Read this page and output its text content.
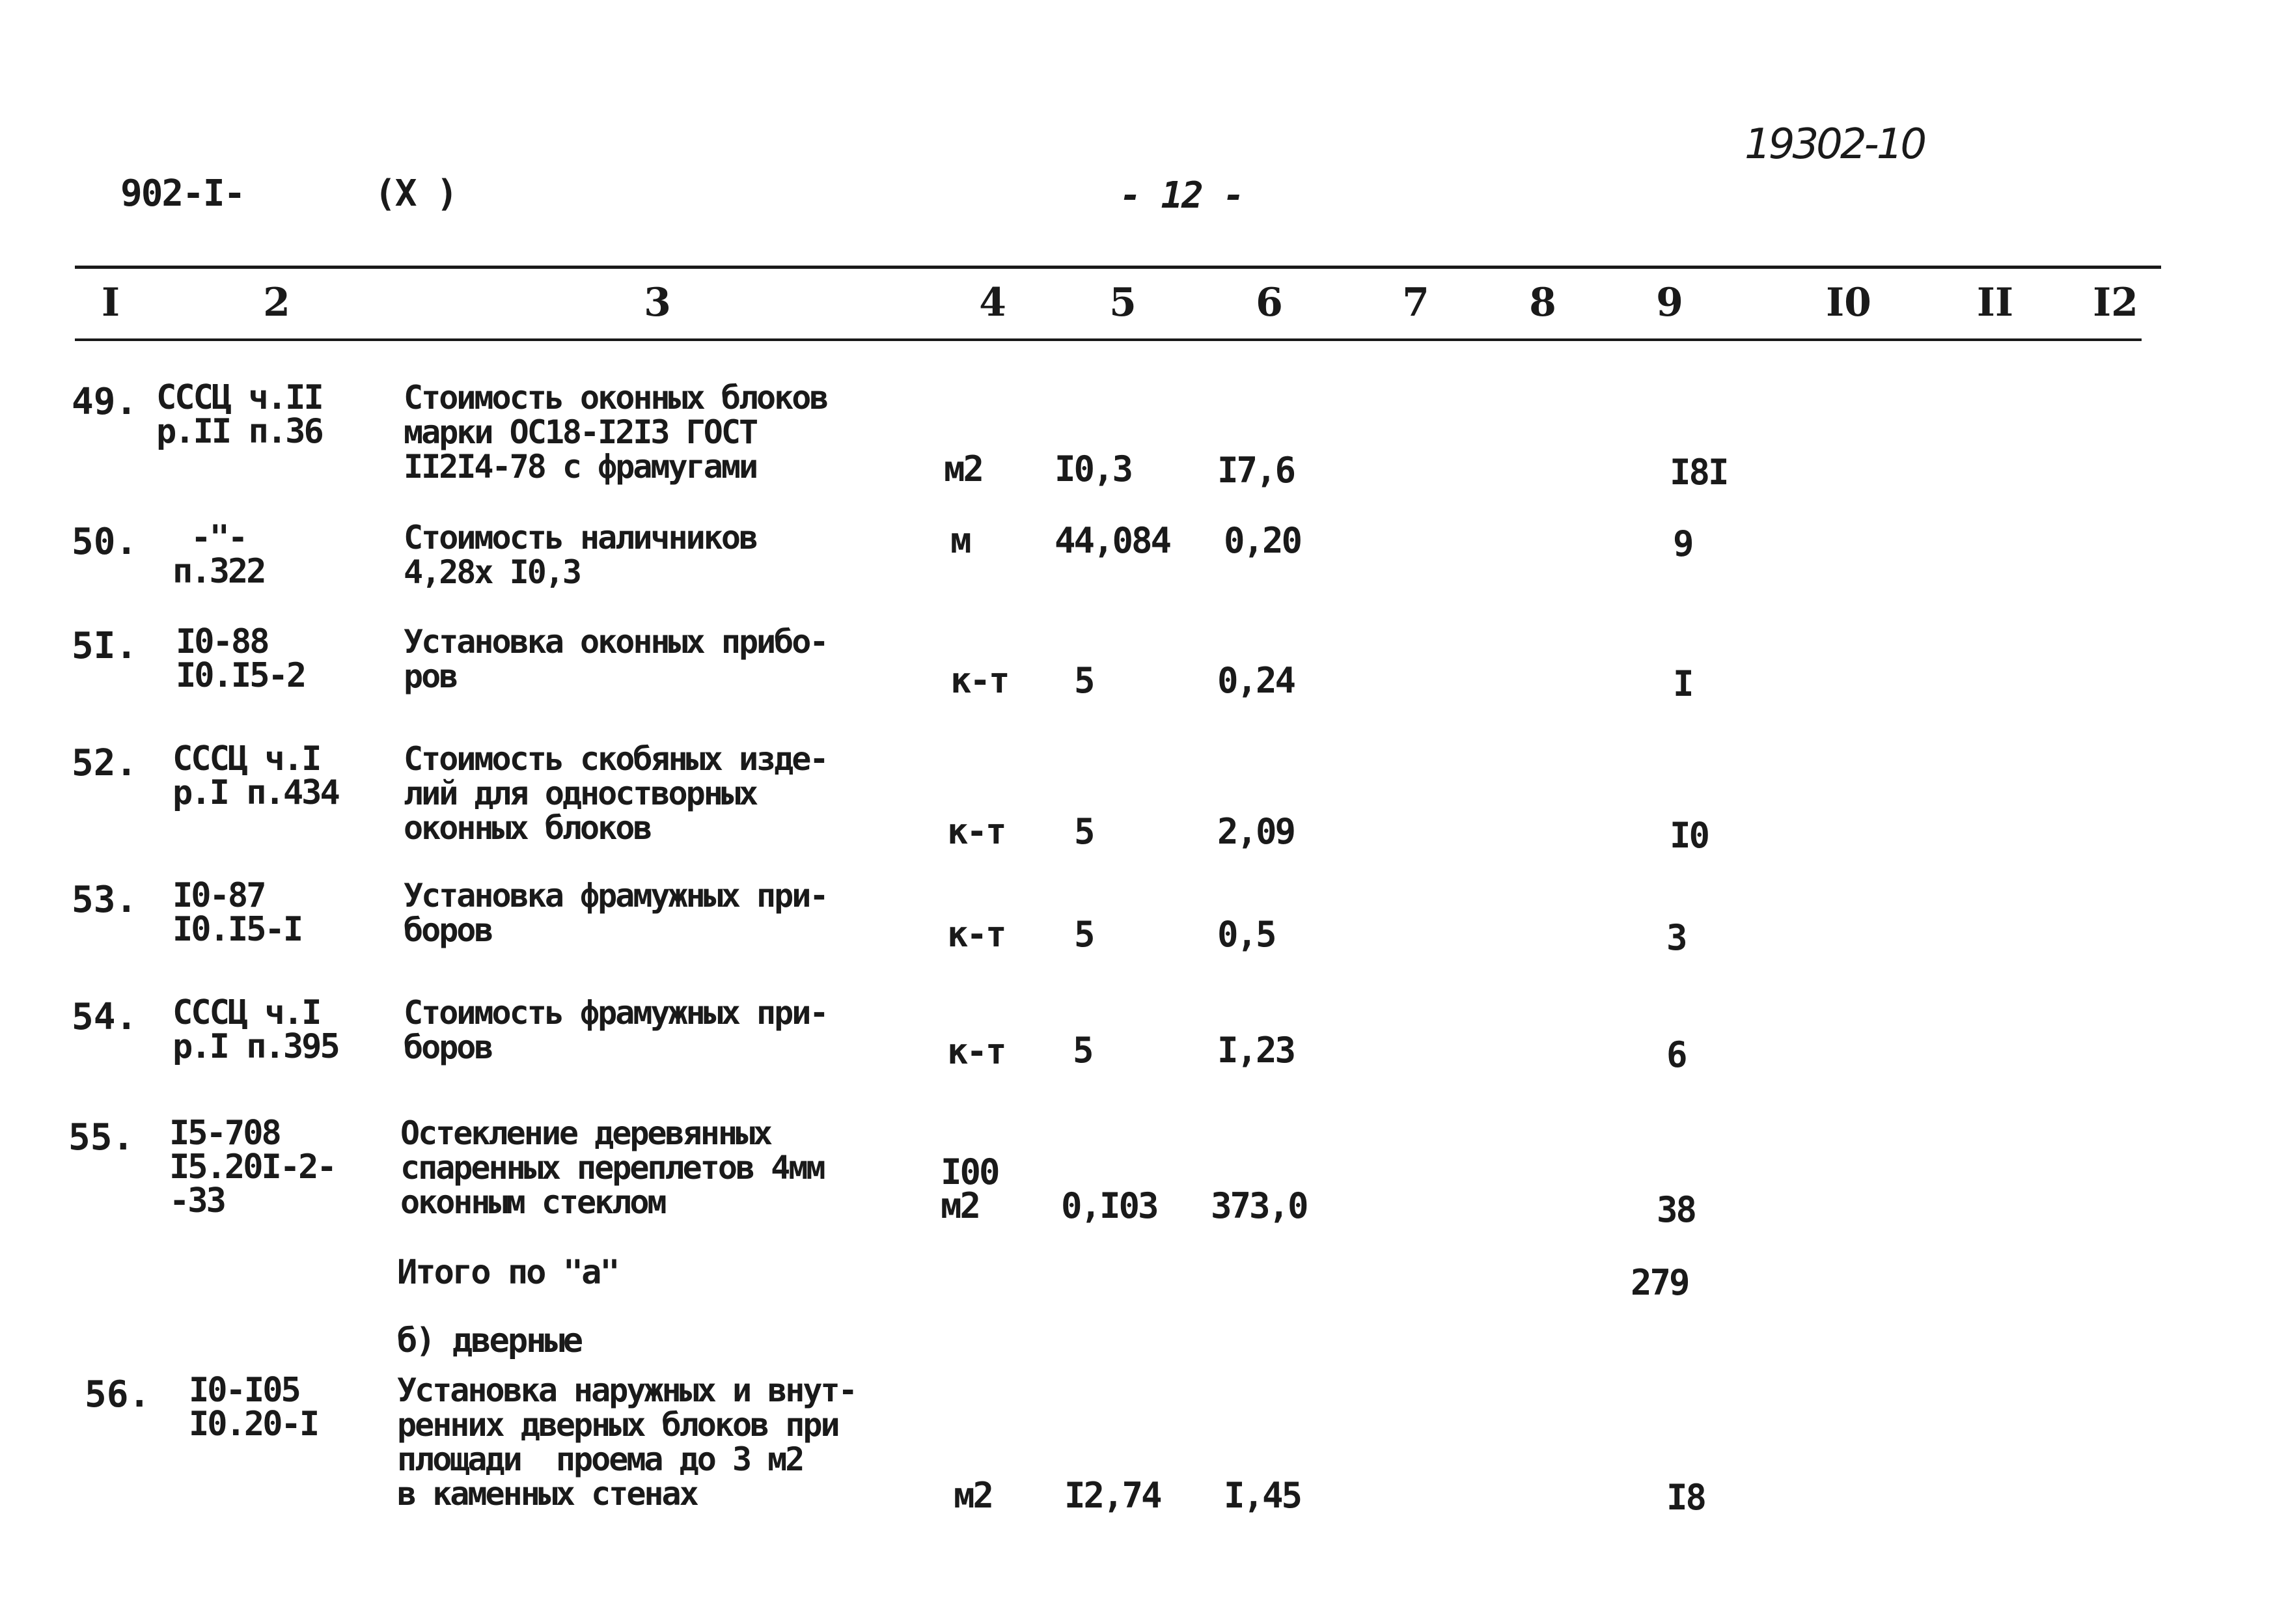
902-I-	(X )	- 12 -
19302-10
I	2	3	4	5	6	7	8	9	I0	II	I2
49. СССЦ ч.II
р.II п.36
Стоимость оконных блоков
марки ОС18-I2I3 ГОСТ
II2I4-78 с фрамугами	м2 I0,3 I7,6	I8I
50.	-"-
п.322
Стоимость наличников
4,28х I0,3
м 44,084 0,20	9
5I. I0-88
I0.I5-2
Установка оконных прибо-
ров	к-т 5	0,24	I
52. СССЦ ч.I
р.I п.434
Стоимость скобяных изде-
лий для одностворных
оконных блоков	к-т 5	2,09	I0
53. I0-87
I0.I5-I
Установка фрамужных при-
боров	к-т 5	0,5	3
54. СССЦ ч.I
р.I п.395
Стоимость фрамужных при-
боров	к-т 5	I,23	6
55. I5-708
I5.20I-2-
-33
Остекление деревянных
спаренных переплетов 4мм
оконным стеклом
I00
м2	0,I03 373,0	38
Итого по "а"	279
б) дверные
56. I0-I05
I0.20-I
Установка наружных и внут-
ренних дверных блоков при
площади  проема до 3 м2
в каменных стенах	м2 I2,74 I,45	I8
